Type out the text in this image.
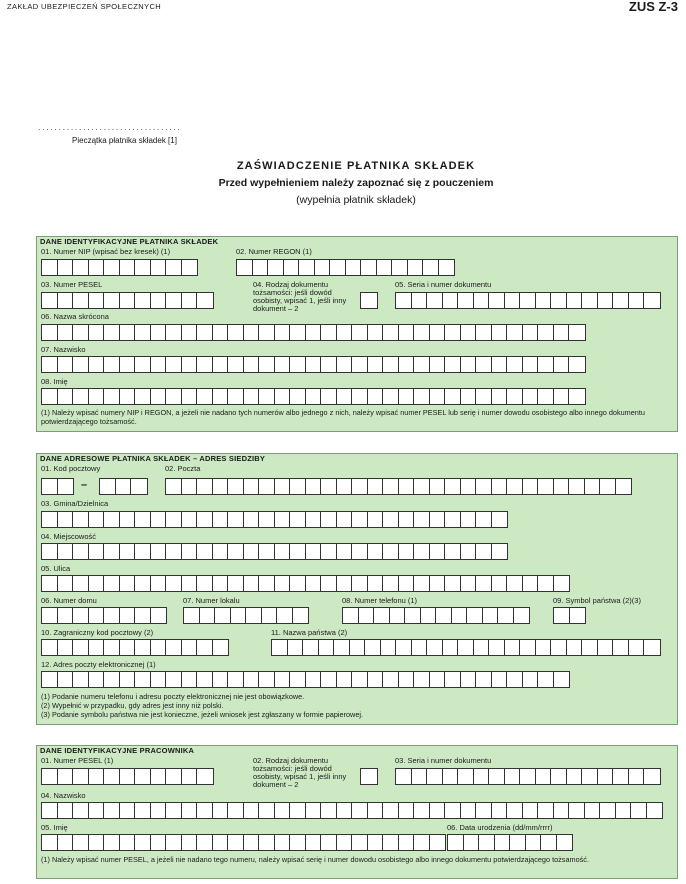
ZAKŁAD UBEZPIECZEŃ SPOŁECZNYCH	ZUS Z-3
...................................
Pieczątka płatnika składek [1]
ZAŚWIADCZENIE PŁATNIKA SKŁADEK
Przed wypełnieniem należy zapoznać się z pouczeniem
(wypełnia płatnik składek)
DANE IDENTYFIKACYJNE PŁATNIKA SKŁADEK
01. Numer NIP (wpisać bez kresek) (1)	02. Numer REGON (1)
03. Numer PESEL	04. Rodzaj dokumentu tożsamości: jeśli dowód osobisty, wpisać 1, jeśli inny dokument – 2
05. Seria i numer dokumentu
06. Nazwa skrócona
07. Nazwisko
08. Imię
(1) Należy wpisać numery NIP i REGON, a jeżeli nie nadano tych numerów albo jednego z nich, należy wpisać numer PESEL lub serię i numer dowodu osobistego albo innego dokumentu potwierdzającego tożsamość.
DANE ADRESOWE PŁATNIKA SKŁADEK – ADRES SIEDZIBY
01. Kod pocztowy
–
02. Poczta
03. Gmina/Dzielnica
04. Miejscowość
05. Ulica
06. Numer domu	07. Numer lokalu	08. Numer telefonu (1)	09. Symbol państwa (2)(3)
10. Zagraniczny kod pocztowy (2)	11. Nazwa państwa (2)
12. Adres poczty elektronicznej (1)
(1) Podanie numeru telefonu i adresu poczty elektronicznej nie jest obowiązkowe.
(2) Wypełnić w przypadku, gdy adres jest inny niż polski.
(3) Podanie symbolu państwa nie jest konieczne, jeżeli wniosek jest zgłaszany w formie papierowej.
DANE IDENTYFIKACYJNE PRACOWNIKA
01. Numer PESEL (1)	02. Rodzaj dokumentu tożsamości: jeśli dowód osobisty, wpisać 1, jeśli inny dokument – 2
03. Seria i numer dokumentu
04. Nazwisko
05. Imię	06. Data urodzenia (dd/mm/rrrr)
(1) Należy wpisać numer PESEL, a jeżeli nie nadano tego numeru, należy wpisać serię i numer dowodu osobistego albo innego dokumentu potwierdzającego tożsamość.
